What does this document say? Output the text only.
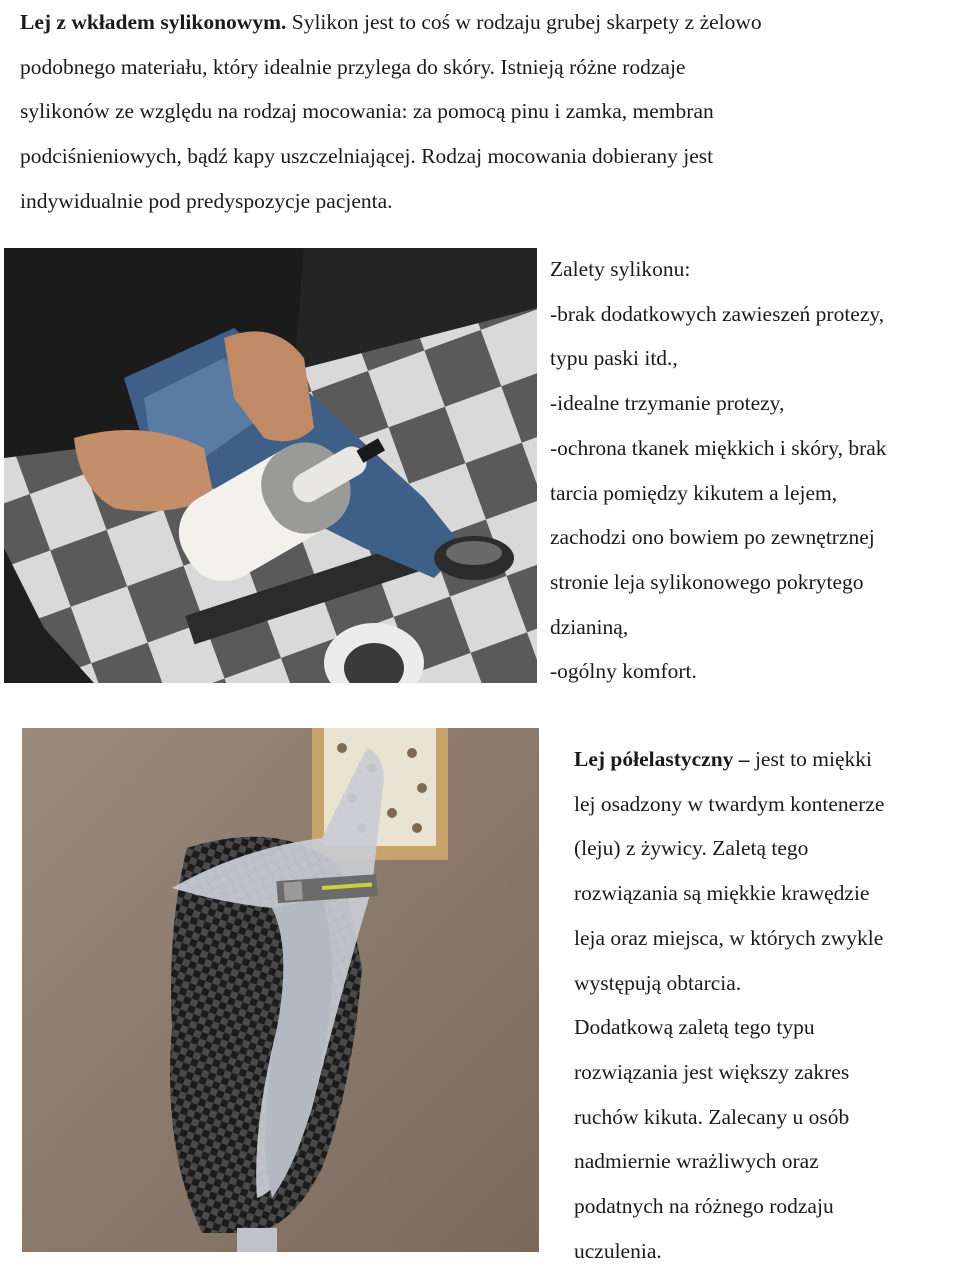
Lej z wkładem sylikonowym. Sylikon jest to coś w rodzaju grubej skarpety z żelowo
podobnego materiału, który idealnie przylega do skóry. Istnieją różne rodzaje
sylikonów ze względu na rodzaj mocowania: za pomocą pinu i zamka, membran
podciśnieniowych, bądź kapy uszczelniającej. Rodzaj mocowania dobierany jest
indywidualnie pod predyspozycje pacjenta.

Zalety sylikonu:
-brak dodatkowych zawieszeń protezy,
typu paski itd.,
-idealne trzymanie protezy,
-ochrona tkanek miękkich i skóry, brak
tarcia pomiędzy kikutem a lejem,
zachodzi ono bowiem po zewnętrznej
stronie leja sylikonowego pokrytego
dzianiną,
-ogólny komfort.
Lej półelastyczny – jest to miękki
lej osadzony w twardym kontenerze
(leju) z żywicy. Zaletą tego
rozwiązania są miękkie krawędzie
leja oraz miejsca, w których zwykle
występują obtarcia.
Dodatkową zaletą tego typu
rozwiązania jest większy zakres
ruchów kikuta. Zalecany u osób
nadmiernie wrażliwych oraz
podatnych na różnego rodzaju
uczulenia.
